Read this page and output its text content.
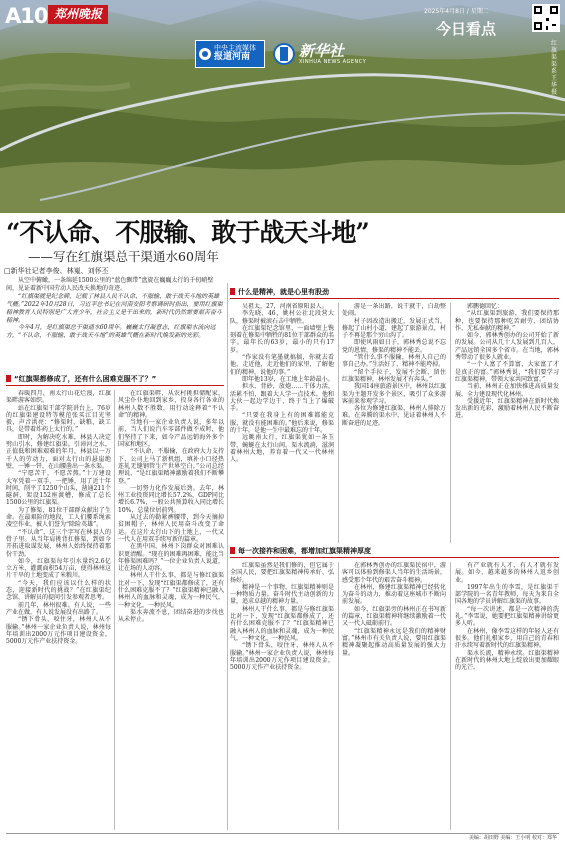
红旗渠渠系 王华 摄
A10 郑州晚报	2025年4月8日 / 星期二
今日看点
中央主流媒体
报道河南	新华社
XINHUA NEWS AGENCY
“不认命、不服输、敢于战天斗地”
——写在红旗渠总干渠通水60周年
□新华社记者李俊、林嵬、刘怀丕

从空中俯瞰，一条绵延1500公里的“蓝色飘带”盘旋在巍巍太行的千仞峭壁间，见证着新中国劳动人民改天换地的奇迹。

“红旗渠就是纪念碑，记载了林县人民不认命、不服输、敢于战天斗地的英雄气概。”2022年10月28日，习近平总书记在河南安阳考察调研时指出，要用红旗渠精神教育人民特别是广大青少年，社会主义是干出来的，新时代仍然需要艰苦奋斗精神。

今年4月，是红旗渠总干渠通水60周年。巍巍太行凝意志，红旗渠水流向远方，“不认命、不服输、敢于战天斗地”的英雄气概在新时代焕发新的光彩。

“红旗渠都修成了，还有什么困难克服不了？”
什么是精神，就是心里有股劲
每一次接祚和困难，都增加红旗渠精神厚度

春暖四月，南太行山花烂漫，红旗渠畔游客如织。

站在红旗渠干部学院讲台上，76岁的红旗渠建设特等模范张买江目光坚毅，声音洪亮：“修渠时，缺粮、缺工具，是带着炸药上太行的。”

即时，为解决吃水难，林县人决定劈山引水，修建红旗渠。引漳河之水，正值低和困难艰难的年月，林县以一万千人的劳动力，面对太行山的悬崖绝壁，一锤一钎，在山腰凿出一条水渠。

“宁愿苦干，不愿苦熬。”十万建设大军凭着一双手、一把锤，用了近十年时间，削平了1250个山头，凿通211个隧洞，架设152座渡槽，修成了总长1500公里的红旗渠。

为了修渠，81位干部群众献出了生命。在最艰险的地段，工人们腰系绳索凌空作业，被人们誉为“除险英雄”。

“不认命”，这三个字写在林县人的骨子里。从当年肩挑背扛修渠，到如今开拓进取谋发展，林州人始终保持着那份干劲。

如今，红旗渠每年引水量约2.6亿立方米，灌溉面积54万亩，使得林州这片干旱的土地变成了米粮川。

“今天，我们应该以什么样的状态，迎接新时代的挑战？”在红旗渠纪念馆，讲解员的提问引发参观者思考。

前几年，林州很难。有人说，一些产业在做，有人说发展没有出路了。

“锈下骨头，咬住牙，林州人从不服输。”林州一家企业负责人说，林州每年培训出2000万元作项目建设资金，5000万元作产业扶持资金。

在红旗渠畔，从农村挑担储配家，风尘仆仆地回到家乡，投身各行各业的林州人数不胜数，用行动诠释着“不认命”的精神。

当地有一家企业负责人说，多年以前，当人们说汽车零部件做不成时，他们坚持了下来，如今产品远销海外多个国家和地区。

“不认命，不服输，在政府大力支持下，公司上马了新机组，填补小口径热连轧无缝钢管生产世界空白。”公司总经理说，“是红旗渠精神激励着我们不断攀登。”

一切努力化作发展后劲。去年，林州工业投资同比增长57.2%，GDP同比增长6.7%，一般公共预算收入同比增长10%，总量位居前列。

从过去的勒紧裤腰带，到今天摘掉贫困帽子，林州人民用奋斗改变了命运。在这片太行山下的土地上，一代又一代人在用双手续写新的篇章。

在黑中国，林州下岗群众对困难认识更清醒。“现在的困难再困难，能比当年修渠困难吗？”一位企业负责人说道，让在场的人动容。

林州人干什么事，都是与修红旗渠比对一下，发现“红旗渠都修成了，还有什么困难克服不了？”红旗渠精神已融入林州人的血脉和灵魂，成为一种民气，一种文化，一种民风。

渠水奔流不息，团结奋进的步伐也从未停止。

吴祖太，27，河南省原阳县人。

李先晓，46，姚村公社北段营大队，修渠时被滚石击中牺牲。

在红旗渠纪念馆里，一面墙壁上镌刻着在修渠中牺牲的81位干部群众的名字。最年长的63岁，最小的只有17岁。

“作家没有笔墨就搞搞，你就去看他，走近他，走近他们的家里，了解他们的精神，说他的事。”

即年他13岁，在工地上年龄最小。

担水、背砂，放炮……干体力活，活累不怕，跟着大人学一点技术。他和大伙一起边学边干，终于当上了爆破手。

“只要在我身上有的困难都能克服，就没有能困难的。”他后来说，修渠的十年，是他一生中最难忘的十年。

远眺南太行，红旗渠犹如一条玉带，蜿蜒在太行山间。渠水流淌，滋润着林州大地，养育着一代又一代林州人。

游是一条出路，说干就干，白劫整处闹。

村子因改造出搬迁，发展正式当，修起了山村小道，建起了旅游景点，村子不再是那个穷山沟了。

即使风雨如日子，郭林秀总说不忘党的恩情，修渠的精神不能丢。

“管什么事不服输，林州人自己的事自己办。”生活好了，精神不能垮掉。

“留个手拉子，发展不会断，留住红旗渠精神，林州发展才有奔头。”

我国14座旅游景区中，林州以红旗渠为主题开发多个景区，吸引了众多游客前来参观学习。

各位为修建红旗渠，林州人排除万难。在奔腾的渠水中，见证着林州人不断奋进的足迹。

郭鹏德回忆：

“从红旗渠到旅游，我们要保持那种，也要保持那种吃苦耐劳、团结协作、无私奉献的精神。”

如今，郭林秀创办的公司开始了新的发展。公司从几十人发展到几百人，产品远销全国多个省市。在当地，郭林秀带动了很多人就业。

“一个人富了不算富，大家富了才是真正的富。”郭林秀说，“我们要学习红旗渠精神，带领大家共同致富。”

当前，林州正在加快推进高质量发展，全力建设现代化林州。

受援近年，红旗渠精神在新时代焕发出新的光彩，激励着林州人民不断奋进。

红旗渠虽然是我们修的，但它属于全国人民，要把红旗渠精神传承好、弘扬好。

精神是一个事物，红旗渠精神则是一种物质力量。奋斗时代主动创新的力量，追求卓越的精神力量。

林州人干什么事，都是与修红旗渠比对一下，发现“红旗渠都修成了，还有什么困难克服不了？”红旗渠精神已融入林州人的血脉和灵魂，成为一种民气，一种文化，一种民风。

“锈下骨头，咬住牙，林州人从不服输。”林州一家企业负责人说，林州每年培训出2000万元作项目建设资金，5000万元作产业扶持资金。

在郭林秀创办的红旗渠民宿中，游客可以体验到修渠人当年的生活场景，感受那个年代的艰苦奋斗精神。

在林州，修建红旗渠精神已经转化为奋斗的动力，推动着这座城市不断向前发展。

如今，红旗渠旁的林州正在书写新的篇章，红旗渠精神将继续激励着一代又一代人砥砺前行。

“红旗渠精神永远是我们的精神财富。”林州市有关负责人说，要用红旗渠精神凝聚起推动高质量发展的强大力量。

有产业就有人才，有人才就有发展。如今，越来越多的林州人返乡创业。

1997年出生的李雪，是红旗渠干部学院的一名青年教师，每天为来自全国各地的学员讲解红旗渠的故事。

“每一次讲述，都是一次精神的洗礼。”李雪说，她要把红旗渠精神讲给更多人听。

在林州，像李雪这样的年轻人还有很多。他们扎根家乡，用自己的青春和汗水续写着新时代的红旗渠精神。

渠水长流，精神永续。红旗渠精神在新时代的林州大地上绽放出更加耀眼的光芒。

美编：胡田野 美编：王小明 校对：郑华
